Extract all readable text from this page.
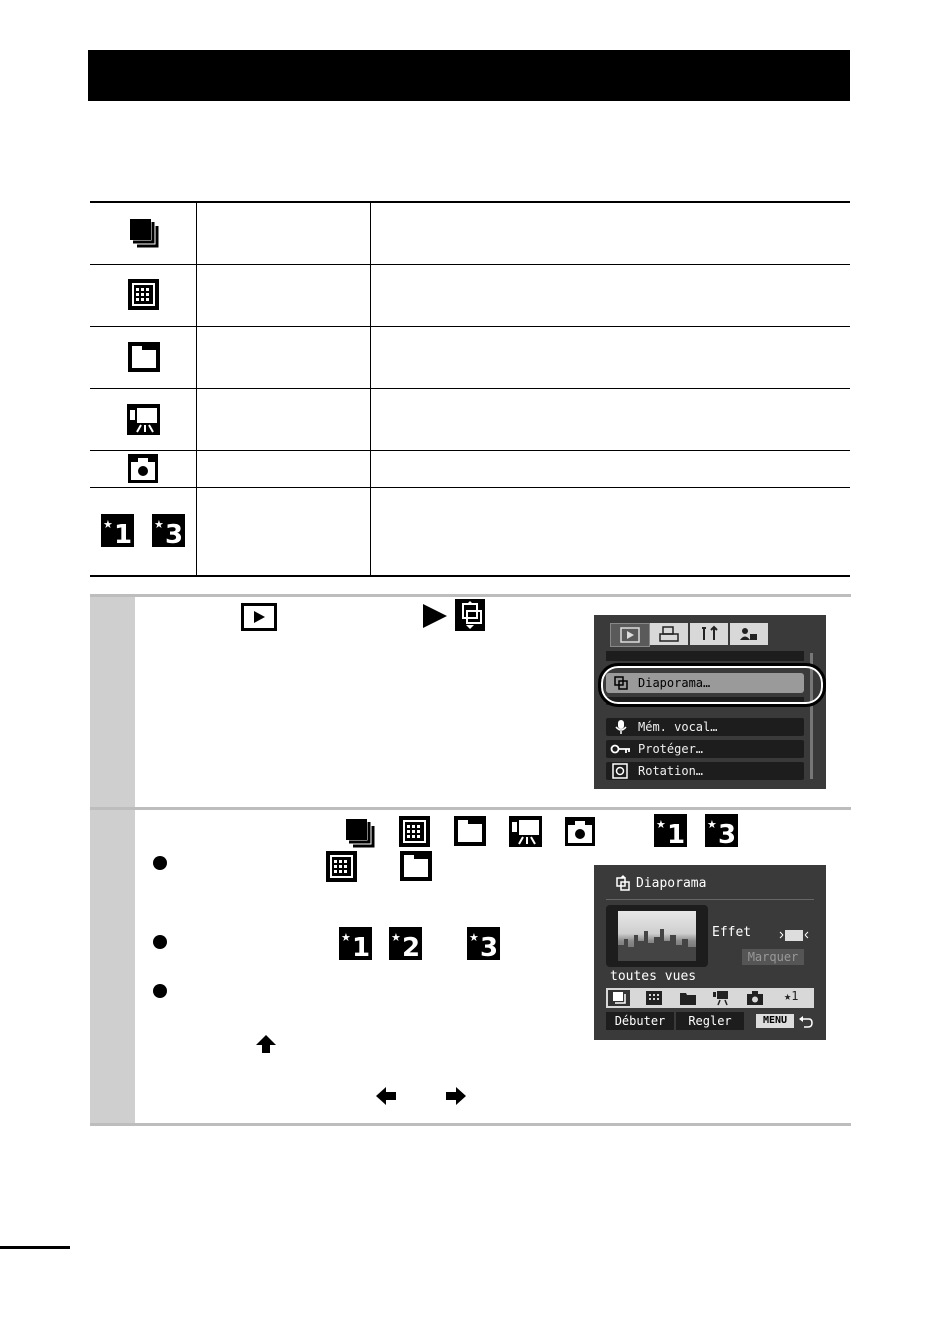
★ 1 ★ 3
Diaporama…
Mém. vocal…
Protéger…
Rotation…
★ 1 ★ 3
★ 1 ★ 2	★ 3
Diaporama
Effet
Marquer
toutes vues
★1
Débuter	Regler	MENU
